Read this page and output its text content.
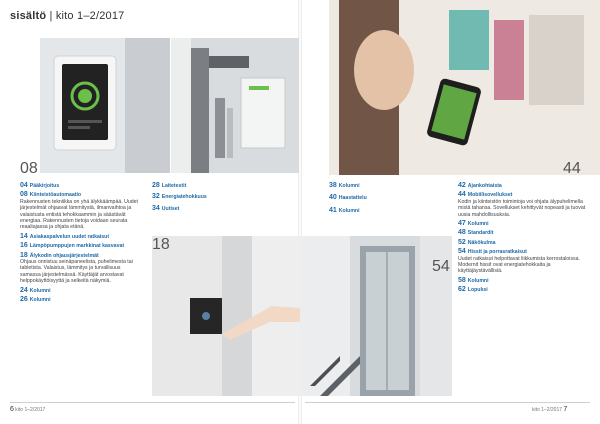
sisältö | kito 1–2/2017
08	44
18
54
04 Pääkirjoitus
08 Kiinteistöautomaatio
Rakennusten tekniikka on yhä älykkäämpää. Uudet järjestelmät ohjaavat lämmitystä, ilmanvaihtoa ja valaistusta entistä tehokkaammin ja säästävät energiaa. Rakennusten tietoja voidaan seurata reaaliajassa ja ohjata etänä.
14 Asiakaspalvelun uudet ratkaisut
16 Lämpöpumppujen markkinat kasvavat
18 Älykodin ohjausjärjestelmät
Ohjaus onnistuu seinäpaneelista, puhelimesta tai tabletista. Valaistus, lämmitys ja turvallisuus samassa järjestelmässä. Käyttäjät arvostavat helppokäyttöisyyttä ja selkeitä näkymiä.
24 Kolumni
26 Kolumni
28 Laitetestit
32 Energiatehokkuus
34 Uutiset
38 Kolumni
40 Haastattelu
41 Kolumni
42 Ajankohtaista
44 Mobiilisovellukset
Kodin ja kiinteistön toimintoja voi ohjata älypuhelimella mistä tahansa. Sovellukset kehittyvät nopeasti ja tuovat uusia mahdollisuuksia.
47 Kolumni
48 Standardit
52 Näkökulma
54 Hissit ja porrasratkaisut
Uudet ratkaisut helpottavat liikkumista kerrostaloissa. Modernit hissit ovat energiatehokkaita ja käyttäjäystävällisiä.
58 Kolumni
62 Lopuksi
6 kito 1–2/2017	kito 1–2/2017 7
